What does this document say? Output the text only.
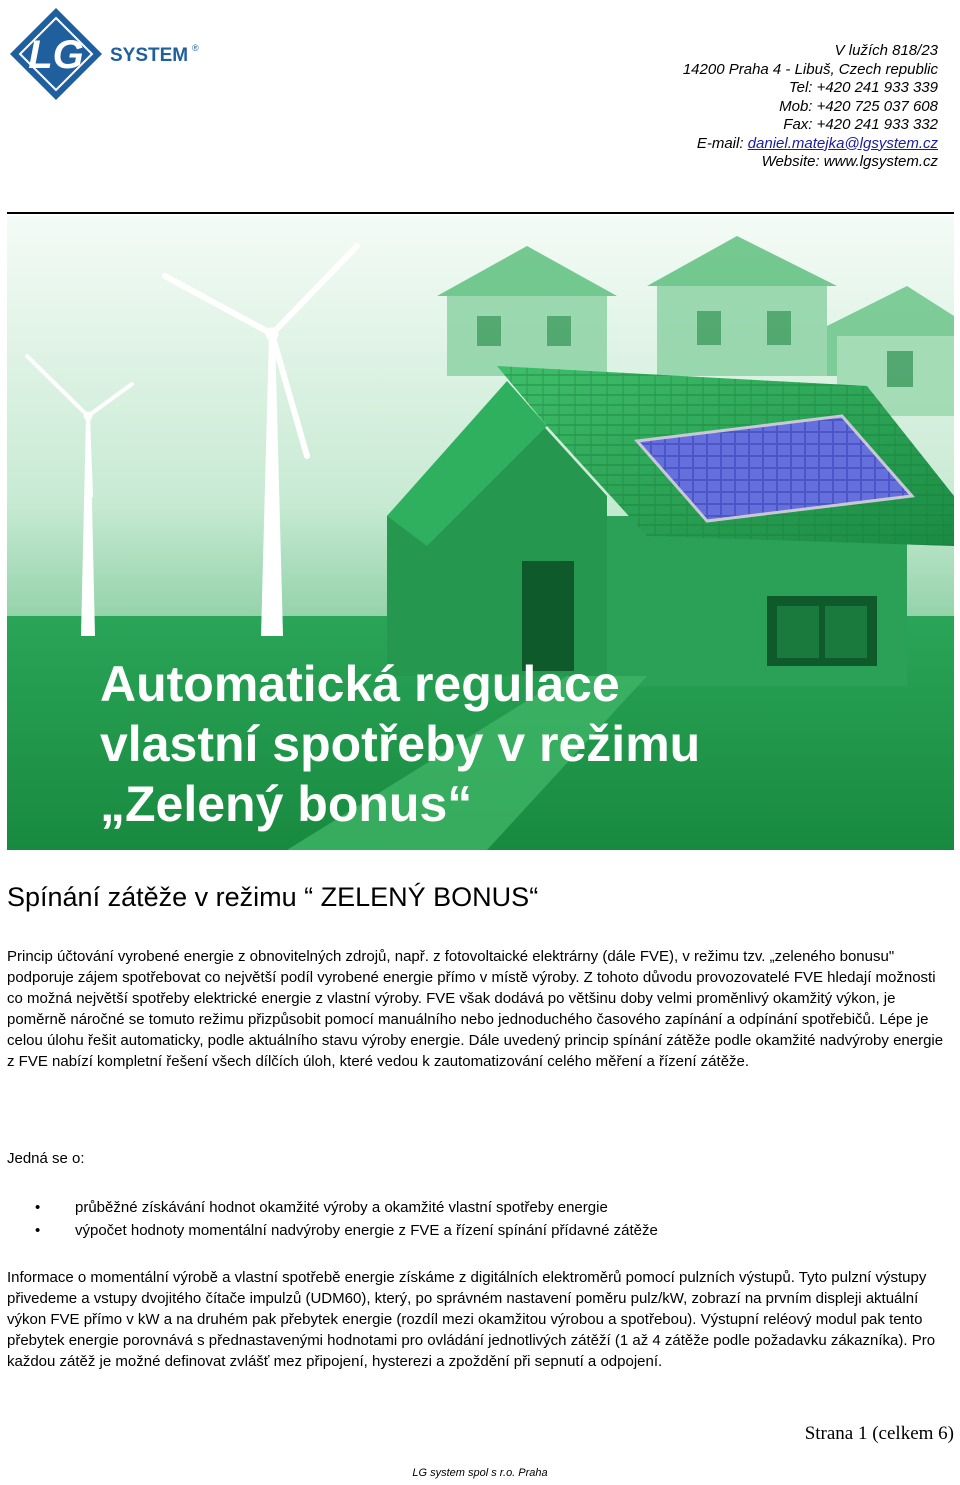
LG SYSTEM ®	V lužích 818/23
14200 Praha 4 - Libuš, Czech republic
Tel: +420 241 933 339
Mob: +420 725 037 608
Fax: +420 241 933 332
E-mail: daniel.matejka@lgsystem.cz
Website: www.lgsystem.cz
Automatická regulace
vlastní spotřeby v režimu
„Zelený bonus“
Spínání zátěže v režimu “ ZELENÝ BONUS“

Princip účtování vyrobené energie z obnovitelných zdrojů, např. z fotovoltaické elektrárny (dále FVE), v režimu tzv. „zeleného bonusu" podporuje zájem spotřebovat co největší podíl vyrobené energie přímo v místě výroby. Z tohoto důvodu provozovatelé FVE hledají možnosti co možná největší spotřeby elektrické energie z vlastní výroby. FVE však dodává po většinu doby velmi proměnlivý okamžitý výkon, je poměrně náročné se tomuto režimu přizpůsobit pomocí manuálního nebo jednoduchého časového zapínání a odpínání spotřebičů. Lépe je celou úlohu řešit automaticky, podle aktuálního stavu výroby energie. Dále uvedený princip spínání zátěže podle okamžité nadvýroby energie z FVE nabízí kompletní řešení všech dílčích úloh, které vedou k zautomatizování celého měření a řízení zátěže.

Jedná se o:

• průběžné získávání hodnot okamžité výroby a okamžité vlastní spotřeby energie
• výpočet hodnoty momentální nadvýroby energie z FVE a řízení spínání přídavné zátěže

Informace o momentální výrobě a vlastní spotřebě energie získáme z digitálních elektroměrů pomocí pulzních výstupů. Tyto pulzní výstupy přivedeme a vstupy dvojitého čítače impulzů (UDM60), který, po správném nastavení poměru pulz/kW, zobrazí na prvním displeji aktuální výkon FVE přímo v kW a na druhém pak přebytek energie (rozdíl mezi okamžitou výrobou a spotřebou). Výstupní reléový modul pak tento přebytek energie porovnává s přednastavenými hodnotami pro ovládání jednotlivých zátěží (1 až 4 zátěže podle požadavku zákazníka). Pro každou zátěž je možné definovat zvlášť mez připojení, hysterezi a zpoždění při sepnutí a odpojení.

Strana 1 (celkem 6)
LG system spol s r.o. Praha
